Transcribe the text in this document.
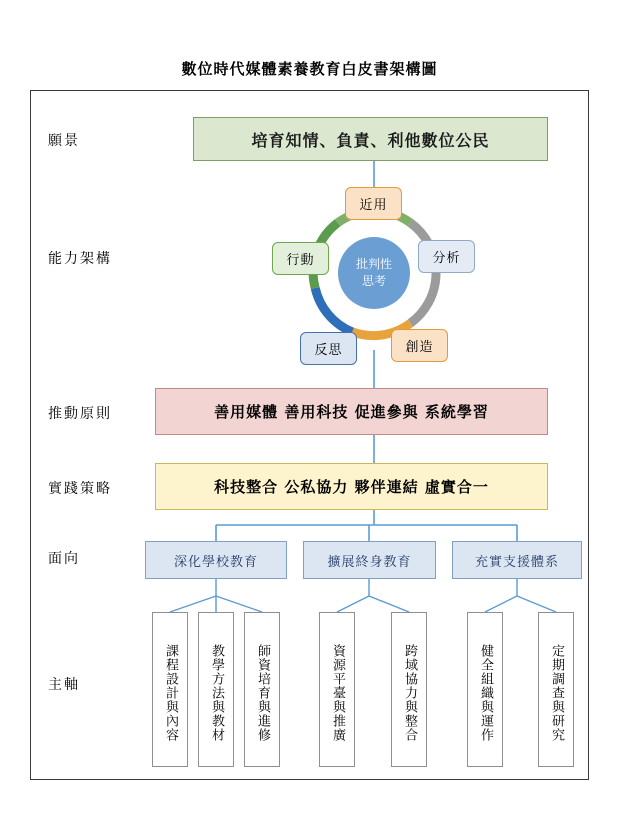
數位時代媒體素養教育白皮書架構圖
願景
能力架構
推動原則
實踐策略
面向
主軸
培育知情、負責、利他數位公民
批判性
思考
近用
分析
創造
反思
行動
善用媒體 善用科技 促進參與 系統學習
科技整合 公私協力 夥伴連結 虛實合一
深化學校教育	擴展終身教育	充實支援體系
課程設計與內容	教學方法與教材	師資培育與進修	資源平臺與推廣	跨域協力與整合	健全組織與運作	定期調查與研究
